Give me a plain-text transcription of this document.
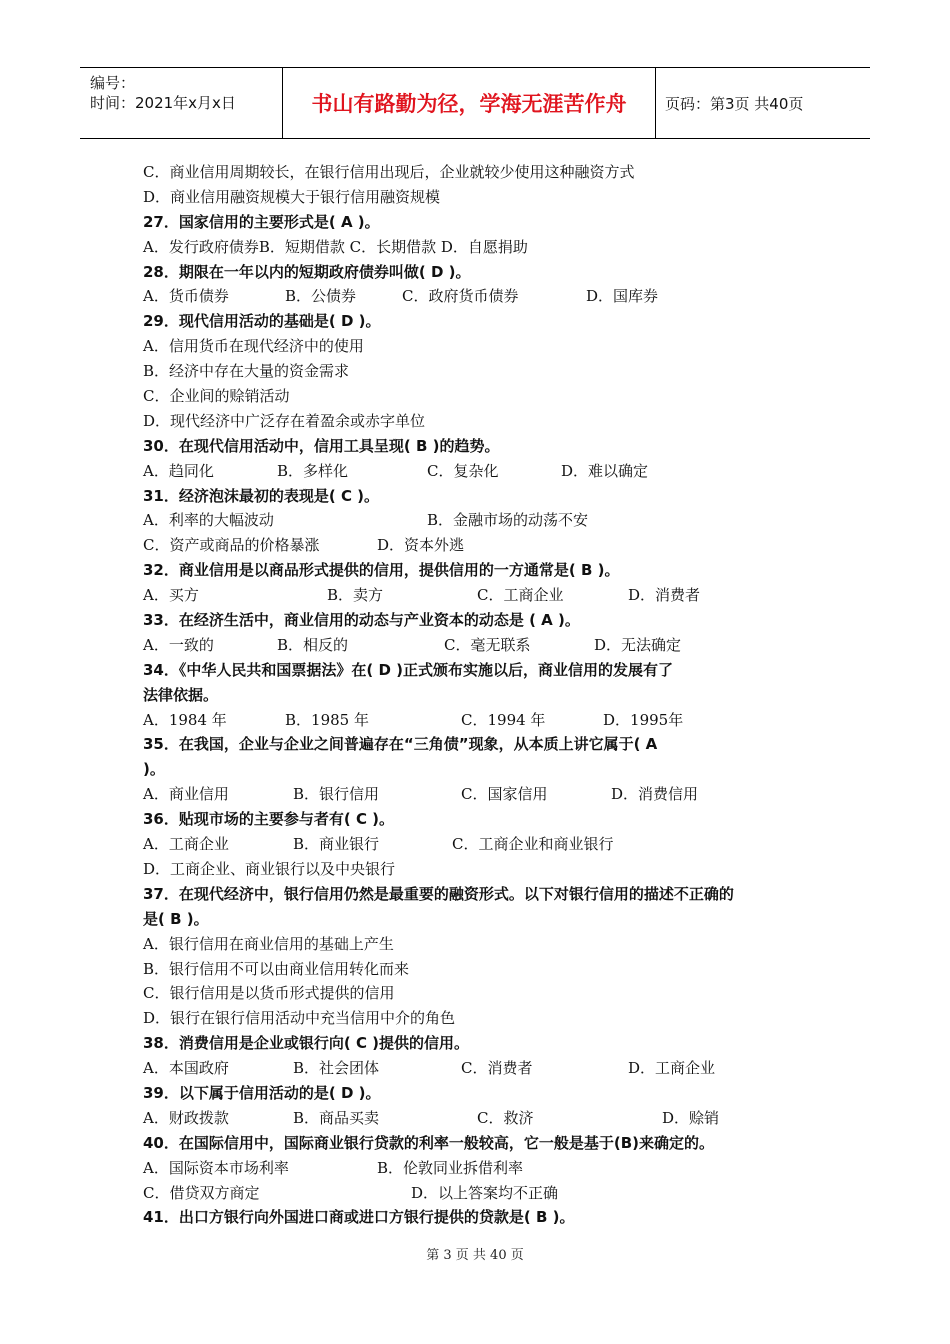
编号：
时间：2021年x月x日	书山有路勤为径，学海无涯苦作舟	页码：第3页 共40页
C．商业信用周期较长，在银行信用出现后，企业就较少使用这种融资方式
D．商业信用融资规模大于银行信用融资规模
27．国家信用的主要形式是( A )。
A．发行政府债券B．短期借款 C．长期借款 D．自愿捐助
28．期限在一年以内的短期政府债券叫做( D )。
A．货币债券	B．公债券	C．政府货币债券	D．国库券
29．现代信用活动的基础是( D )。
A．信用货币在现代经济中的使用
B．经济中存在大量的资金需求
C．企业间的赊销活动
D．现代经济中广泛存在着盈余或赤字单位
30．在现代信用活动中，信用工具呈现( B )的趋势。
A．趋同化	B．多样化	C．复杂化	D．难以确定
31．经济泡沫最初的表现是( C )。
A．利率的大幅波动	B．金融市场的动荡不安
C．资产或商品的价格暴涨	D．资本外逃
32．商业信用是以商品形式提供的信用，提供信用的一方通常是( B )。
A．买方	B．卖方	C．工商企业	D．消费者
33．在经济生活中，商业信用的动态与产业资本的动态是 ( A )。
A．一致的	B．相反的	C．毫无联系	D．无法确定
34．《中华人民共和国票据法》在( D )正式颁布实施以后，商业信用的发展有了
法律依据。
A．1984 年	B．1985 年	C．1994 年	D．1995年
35．在我国，企业与企业之间普遍存在“三角债”现象，从本质上讲它属于( A
)。
A．商业信用	B．银行信用	C．国家信用	D．消费信用
36．贴现市场的主要参与者有( C )。
A．工商企业	B．商业银行	C．工商企业和商业银行
D．工商企业、商业银行以及中央银行
37．在现代经济中，银行信用仍然是最重要的融资形式。以下对银行信用的描述不正确的
是( B )。
A．银行信用在商业信用的基础上产生
B．银行信用不可以由商业信用转化而来
C．银行信用是以货币形式提供的信用
D．银行在银行信用活动中充当信用中介的角色
38．消费信用是企业或银行向( C )提供的信用。
A．本国政府	B．社会团体	C．消费者	D．工商企业
39．以下属于信用活动的是( D )。
A．财政拨款	B．商品买卖	C．救济	D．赊销
40．在国际信用中，国际商业银行贷款的利率一般较高，它一般是基于(B)来确定的。
A．国际资本市场利率	B．伦敦同业拆借利率
C．借贷双方商定	D．以上答案均不正确
41．出口方银行向外国进口商或进口方银行提供的贷款是( B )。
第 3 页 共 40 页
